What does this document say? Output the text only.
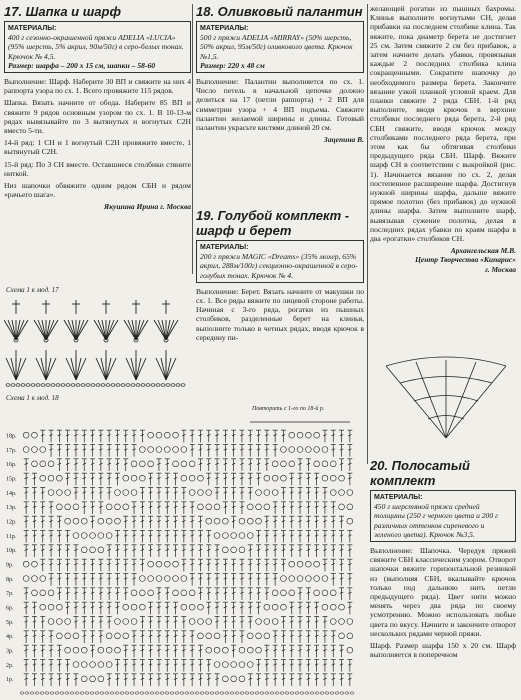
17. Шапка и шарф
МАТЕРИАЛЫ:
400 г сезонно-окрашенной пряжи ADELIA «LUCIA» (95% шерсть, 5% акрил, 90м/50г) в серо-белых тонах. Крючок № 4,5.
Размер: шарфа – 200 х 15 см, шапки – 58-60

Выполнение: Шарф. Наберите 30 ВП и свяжите на них 4 раппорта узора по сх. 1. Всего провяжите 115 рядов.

Шапка. Вязать начните от обода. Наберите 85 ВП и свяжите 9 рядов основным узором по сх. 1. В 10-13-м рядах вывязывайте по 3 вытянутых и вогнутых С2Н вместо 5-ти.

14-й ряд: 1 СН и 1 вогнутый С2Н провяжите вместе, 1 вытянутый С2Н.

15-й ряд: По 3 СН вместе. Оставшиеся столбики стяните ниткой.

Низ шапочки обвяжите одним рядом СБН и рядом «рачьего шага».

Якушина Ирина г. Москва
18. Оливковый палантин
МАТЕРИАЛЫ:
500 г пряжи ADELIA «MIRRAY» (50% шерсть, 50% акрил, 95м/50г) оливкового цвета. Крючок №1,5.
Размер: 220 х 48 см

Выполнение: Палантин выполняется по сх. 1. Число петель в начальной цепочке должно делиться на 17 (петли раппорта) + 2 ВП для симметрии узора + 4 ВП подъема. Свяжите палантин желаемой ширины и длины. Готовый палантин украсьте кистями длиной 20 см.

Зацепина В.
19. Голубой комплект - шарф и берет
МАТЕРИАЛЫ:
200 г пряжи MAGIC «Dreams» (35% мохер, 65% акрил, 288м/100г) секционно-окрашенной в серо-голубых тонах. Крючок № 4.

Выполнение: Берет. Вязать начните от макушки по сх. 1. Все ряды вяжите по лицевой стороне работы. Начиная с 3-го ряда, рогатки из пышных столбиков, разделенные берет на клинья, выполните только в четных рядах, вводя крючок в середину пи-

желающей рогатки из пышных бахромы. Клинья выполните вогнутыми СН, делая прибавки на последнем столбике клина. Так вяжите, пока диаметр берета не достигнет 25 см. Затем свяжите 2 см без прибавок, а затем начните делать убавки, провязывая каждые 2 последних столбика клина сокращенными. Сократите шапочку до необходимого размера берета. Закончите вязание узкой планкой угловой краем. Для планки свяжите 2 ряда СБН. 1-й ряд выполните, вводя крючок в верхние столбики последнего ряда берета, 2-й ряд СБН свяжите, вводя крючок между столбиками последнего ряда берета, при этом как бы обтягивая столбики предыдущего ряда СБН. Шарф. Вяжите шарф СН в соответствии с выкройкой (рис. 1). Начинается вязание по сх. 2, делая постепенное расширение шарфа. Достигнув нужной ширины шарфа, дальше вяжите прямое полотно (без прибавок) до нужной длины шарфа. Затем выполните шарф, вывязывая сужение полотна, делая в последних рядах убавки по краям шарфа в два «рогатки» столбиков СН.

Архангельская М.В.
Центр Творчества «Кипарис»
г. Москва
20. Полосатый комплект
МАТЕРИАЛЫ:
450 г шерстяной пряжи средней толщины (250 г черного цвета и 200 г различных оттенков сиреневого и зеленого цвета). Крючок №3,5.

Выполнение: Шапочка. Чередуя пряжей свяжите СБН классическим узором. Отворот шапочки вяжите горизонтальной резинкой из (выполняя СБН, вкалывайте крючок только под дальнюю нить петли предыдущего ряда). Цвет нити можно менять через два ряда по своему усмотрению. Можно использовать любые цвета по вкусу. Начните и закончите отворот нескольких рядами черной пряжи.

Шарф. Размер шарфа 150 х 20 см. Шарф выполняется в поперечном

Схема 1 к мод. 17
Схема 1 к мод. 18
Повторить с 1-го по 18-й р.
1р.
2р.
3р.
4р.
5р.
6р.
7р.
8р.
9р.
10р.
11р.
12р.
13р.
14р.
15р.
16р.
17р.
18р.
